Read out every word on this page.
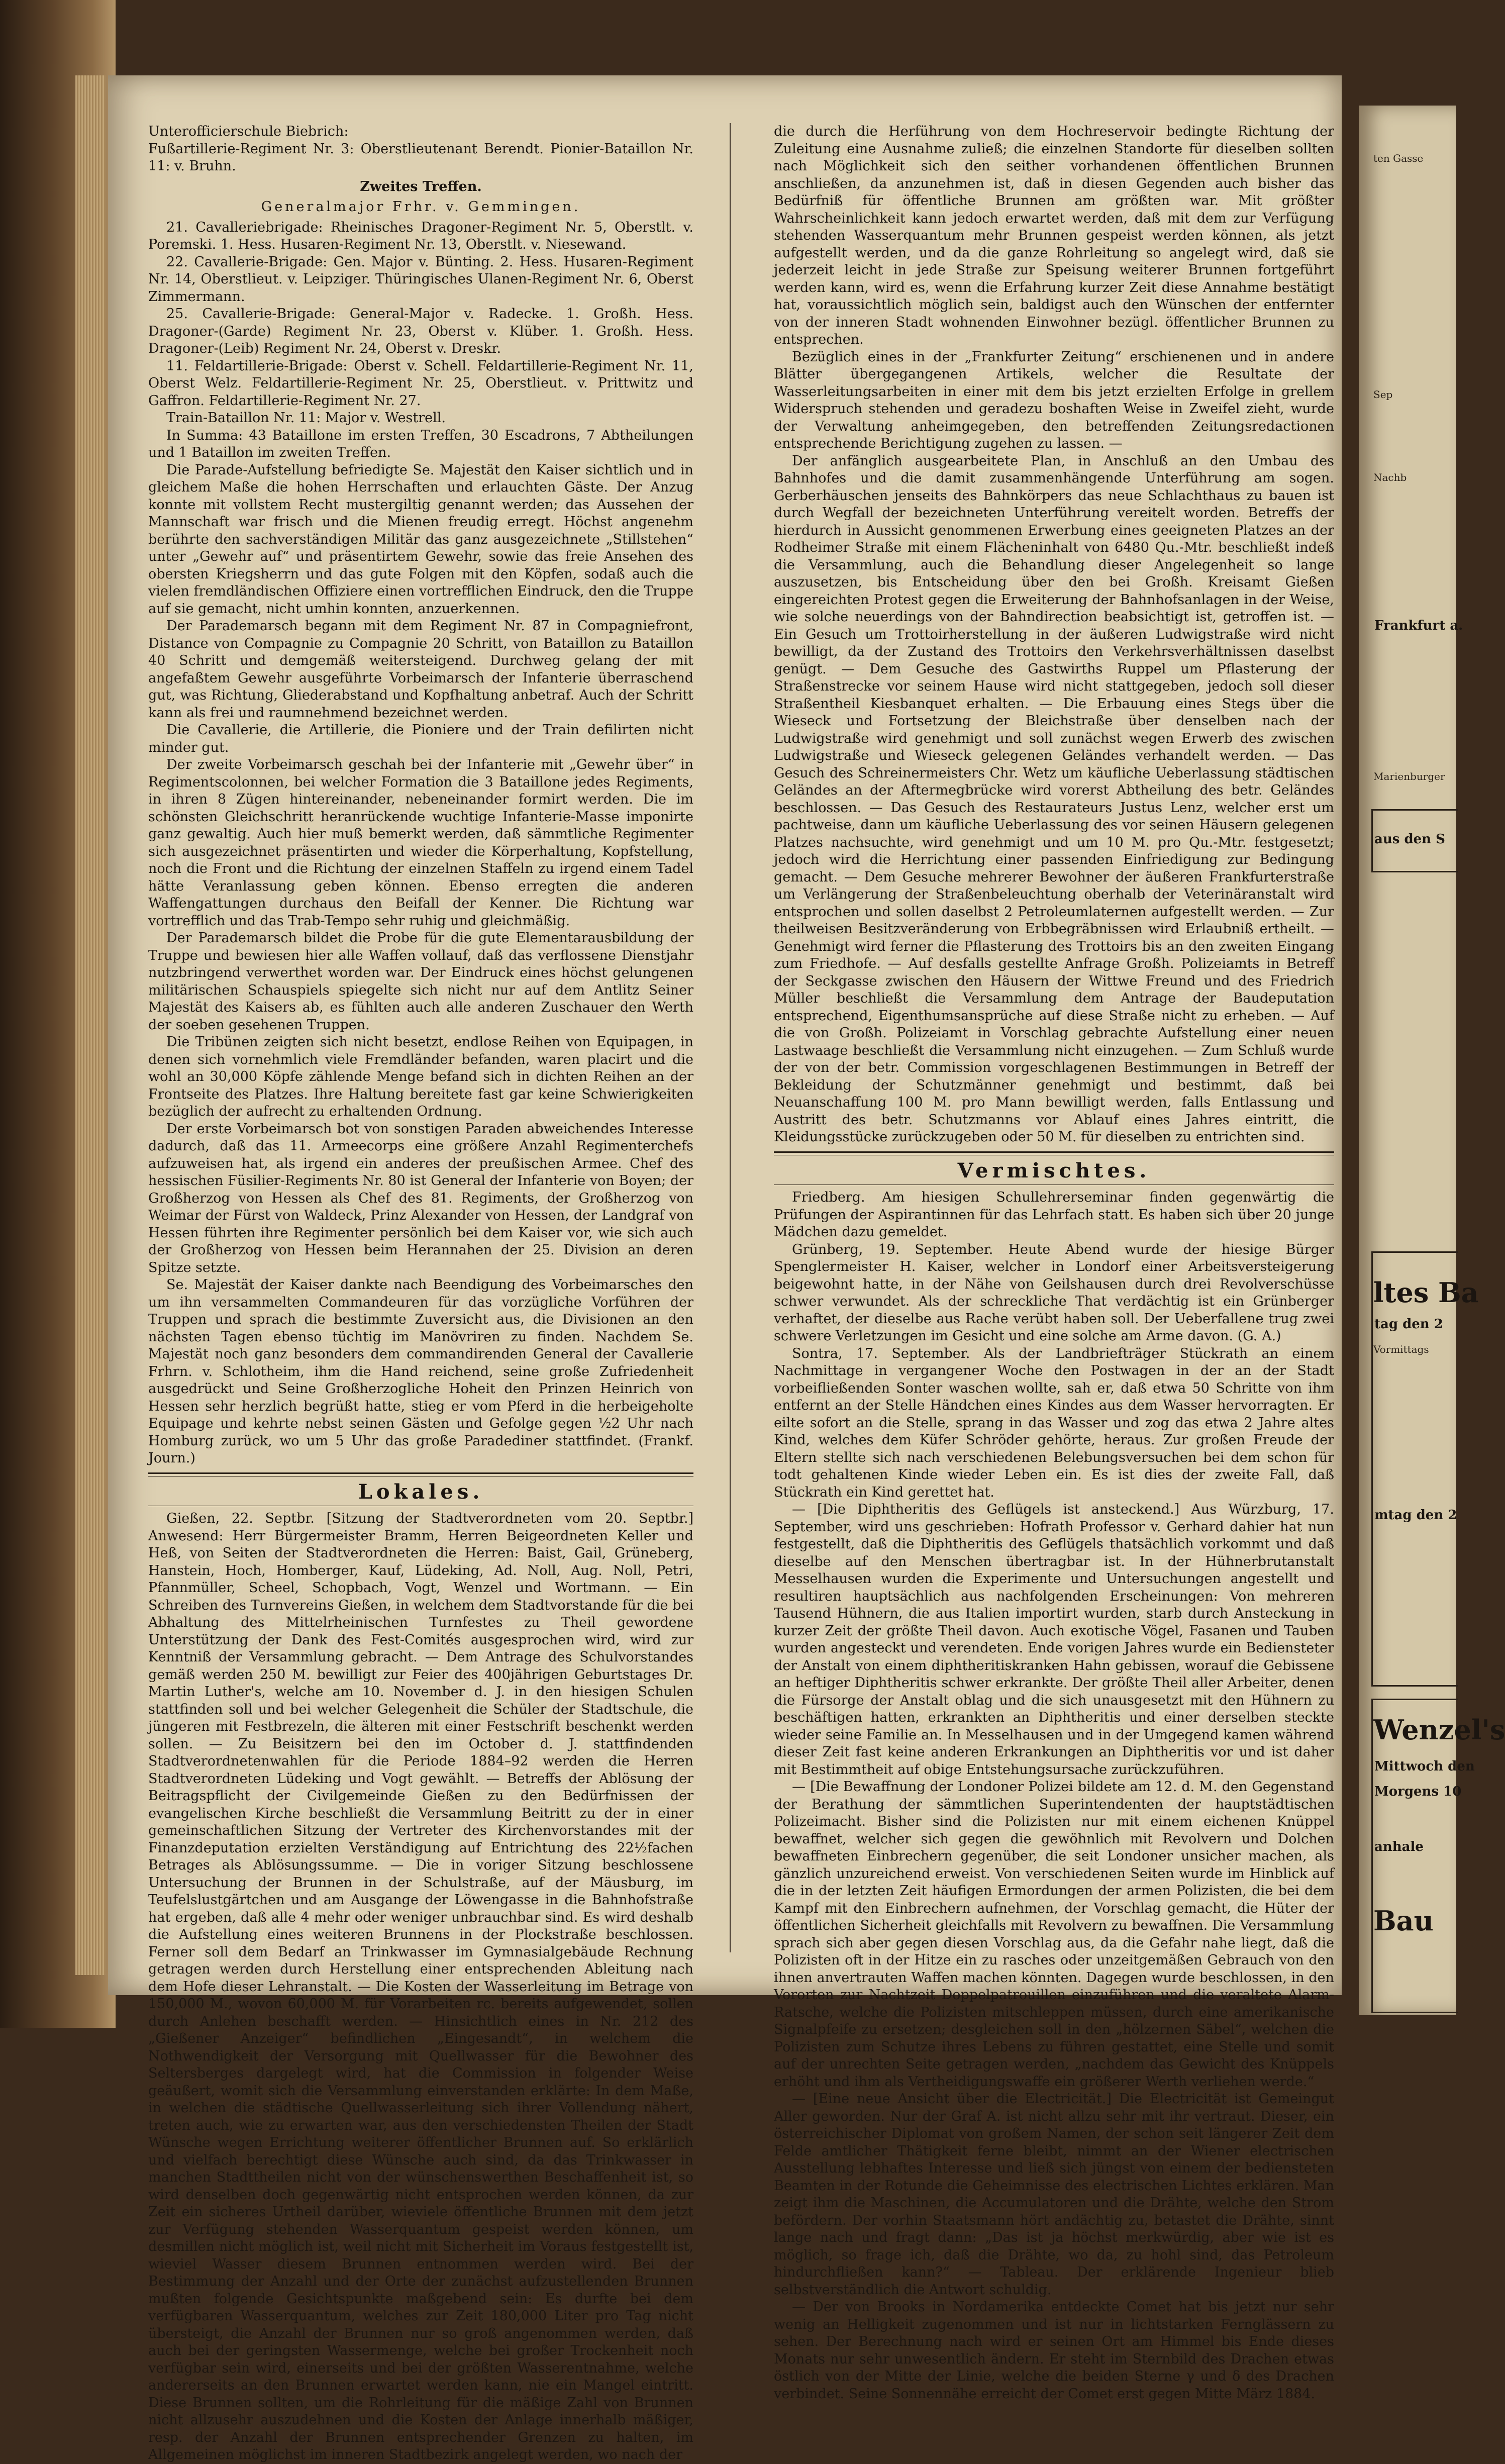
Unterofficierschule Biebrich:

Fußartillerie-Regiment Nr. 3: Oberstlieutenant Berendt. Pionier-Bataillon Nr. 11: v. Bruhn.

Zweites Treffen.
Generalmajor Frhr. v. Gemmingen.

21. Cavalleriebrigade: Rheinisches Dragoner-Regiment Nr. 5, Oberstlt. v. Poremski. 1. Hess. Husaren-Regiment Nr. 13, Oberstlt. v. Niesewand.

22. Cavallerie-Brigade: Gen. Major v. Bünting. 2. Hess. Husaren-Regiment Nr. 14, Oberstlieut. v. Leipziger. Thüringisches Ulanen-Regiment Nr. 6, Oberst Zimmermann.

25. Cavallerie-Brigade: General-Major v. Radecke. 1. Großh. Hess. Dragoner-(Garde) Regiment Nr. 23, Oberst v. Klüber. 1. Großh. Hess. Dragoner-(Leib) Regiment Nr. 24, Oberst v. Dreskr.

11. Feldartillerie-Brigade: Oberst v. Schell. Feldartillerie-Regiment Nr. 11, Oberst Welz. Feldartillerie-Regiment Nr. 25, Oberstlieut. v. Prittwitz und Gaffron. Feldartillerie-Regiment Nr. 27.

Train-Bataillon Nr. 11: Major v. Westrell.

In Summa: 43 Bataillone im ersten Treffen, 30 Escadrons, 7 Abtheilungen und 1 Bataillon im zweiten Treffen.

Die Parade-Aufstellung befriedigte Se. Majestät den Kaiser sichtlich und in gleichem Maße die hohen Herrschaften und erlauchten Gäste. Der Anzug konnte mit vollstem Recht mustergiltig genannt werden; das Aussehen der Mannschaft war frisch und die Mienen freudig erregt. Höchst angenehm berührte den sachverständigen Militär das ganz ausgezeichnete „Stillstehen“ unter „Gewehr auf“ und präsentirtem Gewehr, sowie das freie Ansehen des obersten Kriegsherrn und das gute Folgen mit den Köpfen, sodaß auch die vielen fremdländischen Offiziere einen vortrefflichen Eindruck, den die Truppe auf sie gemacht, nicht umhin konnten, anzuerkennen.

Der Parademarsch begann mit dem Regiment Nr. 87 in Compagniefront, Distance von Compagnie zu Compagnie 20 Schritt, von Bataillon zu Bataillon 40 Schritt und demgemäß weitersteigend. Durchweg gelang der mit angefaßtem Gewehr ausgeführte Vorbeimarsch der Infanterie überraschend gut, was Richtung, Gliederabstand und Kopfhaltung anbetraf. Auch der Schritt kann als frei und raumnehmend bezeichnet werden.

Die Cavallerie, die Artillerie, die Pioniere und der Train defilirten nicht minder gut.

Der zweite Vorbeimarsch geschah bei der Infanterie mit „Gewehr über“ in Regimentscolonnen, bei welcher Formation die 3 Bataillone jedes Regiments, in ihren 8 Zügen hintereinander, nebeneinander formirt werden. Die im schönsten Gleichschritt heranrückende wuchtige Infanterie-Masse imponirte ganz gewaltig. Auch hier muß bemerkt werden, daß sämmtliche Regimenter sich ausgezeichnet präsentirten und wieder die Körperhaltung, Kopfstellung, noch die Front und die Richtung der einzelnen Staffeln zu irgend einem Tadel hätte Veranlassung geben können. Ebenso erregten die anderen Waffengattungen durchaus den Beifall der Kenner. Die Richtung war vortrefflich und das Trab-Tempo sehr ruhig und gleichmäßig.

Der Parademarsch bildet die Probe für die gute Elementarausbildung der Truppe und bewiesen hier alle Waffen vollauf, daß das verflossene Dienstjahr nutzbringend verwerthet worden war. Der Eindruck eines höchst gelungenen militärischen Schauspiels spiegelte sich nicht nur auf dem Antlitz Seiner Majestät des Kaisers ab, es fühlten auch alle anderen Zuschauer den Werth der soeben gesehenen Truppen.

Die Tribünen zeigten sich nicht besetzt, endlose Reihen von Equipagen, in denen sich vornehmlich viele Fremdländer befanden, waren placirt und die wohl an 30,000 Köpfe zählende Menge befand sich in dichten Reihen an der Frontseite des Platzes. Ihre Haltung bereitete fast gar keine Schwierigkeiten bezüglich der aufrecht zu erhaltenden Ordnung.

Der erste Vorbeimarsch bot von sonstigen Paraden abweichendes Interesse dadurch, daß das 11. Armeecorps eine größere Anzahl Regimenterchefs aufzuweisen hat, als irgend ein anderes der preußischen Armee. Chef des hessischen Füsilier-Regiments Nr. 80 ist General der Infanterie von Boyen; der Großherzog von Hessen als Chef des 81. Regiments, der Großherzog von Weimar der Fürst von Waldeck, Prinz Alexander von Hessen, der Landgraf von Hessen führten ihre Regimenter persönlich bei dem Kaiser vor, wie sich auch der Großherzog von Hessen beim Herannahen der 25. Division an deren Spitze setzte.

Se. Majestät der Kaiser dankte nach Beendigung des Vorbeimarsches den um ihn versammelten Commandeuren für das vorzügliche Vorführen der Truppen und sprach die bestimmte Zuversicht aus, die Divisionen an den nächsten Tagen ebenso tüchtig im Manövriren zu finden. Nachdem Se. Majestät noch ganz besonders dem commandirenden General der Cavallerie Frhrn. v. Schlotheim, ihm die Hand reichend, seine große Zufriedenheit ausgedrückt und Seine Großherzogliche Hoheit den Prinzen Heinrich von Hessen sehr herzlich begrüßt hatte, stieg er vom Pferd in die herbeigeholte Equipage und kehrte nebst seinen Gästen und Gefolge gegen ½2 Uhr nach Homburg zurück, wo um 5 Uhr das große Paradediner stattfindet. (Frankf. Journ.)

Lokales.

Gießen, 22. Septbr. [Sitzung der Stadtverordneten vom 20. Septbr.] Anwesend: Herr Bürgermeister Bramm, Herren Beigeordneten Keller und Heß, von Seiten der Stadtverordneten die Herren: Baist, Gail, Grüneberg, Hanstein, Hoch, Homberger, Kauf, Lüdeking, Ad. Noll, Aug. Noll, Petri, Pfannmüller, Scheel, Schopbach, Vogt, Wenzel und Wortmann. — Ein Schreiben des Turnvereins Gießen, in welchem dem Stadtvorstande für die bei Abhaltung des Mittelrheinischen Turnfestes zu Theil gewordene Unterstützung der Dank des Fest-Comités ausgesprochen wird, wird zur Kenntniß der Versammlung gebracht. — Dem Antrage des Schulvorstandes gemäß werden 250 M. bewilligt zur Feier des 400jährigen Geburtstages Dr. Martin Luther's, welche am 10. November d. J. in den hiesigen Schulen stattfinden soll und bei welcher Gelegenheit die Schüler der Stadtschule, die jüngeren mit Festbrezeln, die älteren mit einer Festschrift beschenkt werden sollen. — Zu Beisitzern bei den im October d. J. stattfindenden Stadtverordnetenwahlen für die Periode 1884–92 werden die Herren Stadtverordneten Lüdeking und Vogt gewählt. — Betreffs der Ablösung der Beitragspflicht der Civilgemeinde Gießen zu den Bedürfnissen der evangelischen Kirche beschließt die Versammlung Beitritt zu der in einer gemeinschaftlichen Sitzung der Vertreter des Kirchenvorstandes mit der Finanzdeputation erzielten Verständigung auf Entrichtung des 22½fachen Betrages als Ablösungssumme. — Die in voriger Sitzung beschlossene Untersuchung der Brunnen in der Schulstraße, auf der Mäusburg, im Teufelslustgärtchen und am Ausgange der Löwengasse in die Bahnhofstraße hat ergeben, daß alle 4 mehr oder weniger unbrauchbar sind. Es wird deshalb die Aufstellung eines weiteren Brunnens in der Plockstraße beschlossen. Ferner soll dem Bedarf an Trinkwasser im Gymnasialgebäude Rechnung getragen werden durch Herstellung einer entsprechenden Ableitung nach dem Hofe dieser Lehranstalt. — Die Kosten der Wasserleitung im Betrage von 150,000 M., wovon 60,000 M. für Vorarbeiten rc. bereits aufgewendet, sollen durch Anlehen beschafft werden. — Hinsichtlich eines in Nr. 212 des „Gießener Anzeiger“ befindlichen „Eingesandt“, in welchem die Nothwendigkeit der Versorgung mit Quellwasser für die Bewohner des Seltersberges dargelegt wird, hat die Commission in folgender Weise geäußert, womit sich die Versammlung einverstanden erklärte: In dem Maße, in welchen die städtische Quellwasserleitung sich ihrer Vollendung nähert, treten auch, wie zu erwarten war, aus den verschiedensten Theilen der Stadt Wünsche wegen Errichtung weiterer öffentlicher Brunnen auf. So erklärlich und vielfach berechtigt diese Wünsche auch sind, da das Trinkwasser in manchen Stadttheilen nicht von der wünschenswerthen Beschaffenheit ist, so wird denselben doch gegenwärtig nicht entsprochen werden können, da zur Zeit ein sicheres Urtheil darüber, wieviele öffentliche Brunnen mit dem jetzt zur Verfügung stehenden Wasserquantum gespeist werden können, um desmillen nicht möglich ist, weil nicht mit Sicherheit im Voraus festgestellt ist, wieviel Wasser diesem Brunnen entnommen werden wird. Bei der Bestimmung der Anzahl und der Orte der zunächst aufzustellenden Brunnen mußten folgende Gesichtspunkte maßgebend sein: Es durfte bei dem verfügbaren Wasserquantum, welches zur Zeit 180,000 Liter pro Tag nicht übersteigt, die Anzahl der Brunnen nur so groß angenommen werden, daß auch bei der geringsten Wassermenge, welche bei großer Trockenheit noch verfügbar sein wird, einerseits und bei der größten Wasserentnahme, welche andererseits an den Brunnen erwartet werden kann, nie ein Mangel eintritt. Diese Brunnen sollten, um die Rohrleitung für die mäßige Zahl von Brunnen nicht allzusehr auszudehnen und die Kosten der Anlage innerhalb mäßiger, resp. der Anzahl der Brunnen entsprechender Grenzen zu halten, im Allgemeinen möglichst im inneren Stadtbezirk angelegt werden, wo nach der

die durch die Herführung von dem Hochreservoir bedingte Richtung der Zuleitung eine Ausnahme zuließ; die einzelnen Standorte für dieselben sollten nach Möglichkeit sich den seither vorhandenen öffentlichen Brunnen anschließen, da anzunehmen ist, daß in diesen Gegenden auch bisher das Bedürfniß für öffentliche Brunnen am größten war. Mit größter Wahrscheinlichkeit kann jedoch erwartet werden, daß mit dem zur Verfügung stehenden Wasserquantum mehr Brunnen gespeist werden können, als jetzt aufgestellt werden, und da die ganze Rohrleitung so angelegt wird, daß sie jederzeit leicht in jede Straße zur Speisung weiterer Brunnen fortgeführt werden kann, wird es, wenn die Erfahrung kurzer Zeit diese Annahme bestätigt hat, voraussichtlich möglich sein, baldigst auch den Wünschen der entfernter von der inneren Stadt wohnenden Einwohner bezügl. öffentlicher Brunnen zu entsprechen.

Bezüglich eines in der „Frankfurter Zeitung“ erschienenen und in andere Blätter übergegangenen Artikels, welcher die Resultate der Wasserleitungsarbeiten in einer mit dem bis jetzt erzielten Erfolge in grellem Widerspruch stehenden und geradezu boshaften Weise in Zweifel zieht, wurde der Verwaltung anheimgegeben, den betreffenden Zeitungsredactionen entsprechende Berichtigung zugehen zu lassen. —

Der anfänglich ausgearbeitete Plan, in Anschluß an den Umbau des Bahnhofes und die damit zusammenhängende Unterführung am sogen. Gerberhäuschen jenseits des Bahnkörpers das neue Schlachthaus zu bauen ist durch Wegfall der bezeichneten Unterführung vereitelt worden. Betreffs der hierdurch in Aussicht genommenen Erwerbung eines geeigneten Platzes an der Rodheimer Straße mit einem Flächeninhalt von 6480 Qu.-Mtr. beschließt indeß die Versammlung, auch die Behandlung dieser Angelegenheit so lange auszusetzen, bis Entscheidung über den bei Großh. Kreisamt Gießen eingereichten Protest gegen die Erweiterung der Bahnhofsanlagen in der Weise, wie solche neuerdings von der Bahndirection beabsichtigt ist, getroffen ist. — Ein Gesuch um Trottoirherstellung in der äußeren Ludwigstraße wird nicht bewilligt, da der Zustand des Trottoirs den Verkehrsverhältnissen daselbst genügt. — Dem Gesuche des Gastwirths Ruppel um Pflasterung der Straßenstrecke vor seinem Hause wird nicht stattgegeben, jedoch soll dieser Straßentheil Kiesbanquet erhalten. — Die Erbauung eines Stegs über die Wieseck und Fortsetzung der Bleichstraße über denselben nach der Ludwigstraße wird genehmigt und soll zunächst wegen Erwerb des zwischen Ludwigstraße und Wieseck gelegenen Geländes verhandelt werden. — Das Gesuch des Schreinermeisters Chr. Wetz um käufliche Ueberlassung städtischen Geländes an der Aftermegbrücke wird vorerst Abtheilung des betr. Geländes beschlossen. — Das Gesuch des Restaurateurs Justus Lenz, welcher erst um pachtweise, dann um käufliche Ueberlassung des vor seinen Häusern gelegenen Platzes nachsuchte, wird genehmigt und um 10 M. pro Qu.-Mtr. festgesetzt; jedoch wird die Herrichtung einer passenden Einfriedigung zur Bedingung gemacht. — Dem Gesuche mehrerer Bewohner der äußeren Frankfurterstraße um Verlängerung der Straßenbeleuchtung oberhalb der Veterinäranstalt wird entsprochen und sollen daselbst 2 Petroleumlaternen aufgestellt werden. — Zur theilweisen Besitzveränderung von Erbbegräbnissen wird Erlaubniß ertheilt. — Genehmigt wird ferner die Pflasterung des Trottoirs bis an den zweiten Eingang zum Friedhofe. — Auf desfalls gestellte Anfrage Großh. Polizeiamts in Betreff der Seckgasse zwischen den Häusern der Wittwe Freund und des Friedrich Müller beschließt die Versammlung dem Antrage der Baudeputation entsprechend, Eigenthumsansprüche auf diese Straße nicht zu erheben. — Auf die von Großh. Polizeiamt in Vorschlag gebrachte Aufstellung einer neuen Lastwaage beschließt die Versammlung nicht einzugehen. — Zum Schluß wurde der von der betr. Commission vorgeschlagenen Bestimmungen in Betreff der Bekleidung der Schutzmänner genehmigt und bestimmt, daß bei Neuanschaffung 100 M. pro Mann bewilligt werden, falls Entlassung und Austritt des betr. Schutzmanns vor Ablauf eines Jahres eintritt, die Kleidungsstücke zurückzugeben oder 50 M. für dieselben zu entrichten sind.

Vermischtes.

Friedberg. Am hiesigen Schullehrerseminar finden gegenwärtig die Prüfungen der Aspirantinnen für das Lehrfach statt. Es haben sich über 20 junge Mädchen dazu gemeldet.

Grünberg, 19. September. Heute Abend wurde der hiesige Bürger Spenglermeister H. Kaiser, welcher in Londorf einer Arbeitsversteigerung beigewohnt hatte, in der Nähe von Geilshausen durch drei Revolverschüsse schwer verwundet. Als der schreckliche That verdächtig ist ein Grünberger verhaftet, der dieselbe aus Rache verübt haben soll. Der Ueberfallene trug zwei schwere Verletzungen im Gesicht und eine solche am Arme davon. (G. A.)

Sontra, 17. September. Als der Landbriefträger Stückrath an einem Nachmittage in vergangener Woche den Postwagen in der an der Stadt vorbeifließenden Sonter waschen wollte, sah er, daß etwa 50 Schritte von ihm entfernt an der Stelle Händchen eines Kindes aus dem Wasser hervorragten. Er eilte sofort an die Stelle, sprang in das Wasser und zog das etwa 2 Jahre altes Kind, welches dem Küfer Schröder gehörte, heraus. Zur großen Freude der Eltern stellte sich nach verschiedenen Belebungsversuchen bei dem schon für todt gehaltenen Kinde wieder Leben ein. Es ist dies der zweite Fall, daß Stückrath ein Kind gerettet hat.

— [Die Diphtheritis des Geflügels ist ansteckend.] Aus Würzburg, 17. September, wird uns geschrieben: Hofrath Professor v. Gerhard dahier hat nun festgestellt, daß die Diphtheritis des Geflügels thatsächlich vorkommt und daß dieselbe auf den Menschen übertragbar ist. In der Hühnerbrutanstalt Messelhausen wurden die Experimente und Untersuchungen angestellt und resultiren hauptsächlich aus nachfolgenden Erscheinungen: Von mehreren Tausend Hühnern, die aus Italien importirt wurden, starb durch Ansteckung in kurzer Zeit der größte Theil davon. Auch exotische Vögel, Fasanen und Tauben wurden angesteckt und verendeten. Ende vorigen Jahres wurde ein Bediensteter der Anstalt von einem diphtheritiskranken Hahn gebissen, worauf die Gebissene an heftiger Diphtheritis schwer erkrankte. Der größte Theil aller Arbeiter, denen die Fürsorge der Anstalt oblag und die sich unausgesetzt mit den Hühnern zu beschäftigen hatten, erkrankten an Diphtheritis und einer derselben steckte wieder seine Familie an. In Messelhausen und in der Umgegend kamen während dieser Zeit fast keine anderen Erkrankungen an Diphtheritis vor und ist daher mit Bestimmtheit auf obige Entstehungsursache zurückzuführen.

— [Die Bewaffnung der Londoner Polizei bildete am 12. d. M. den Gegenstand der Berathung der sämmtlichen Superintendenten der hauptstädtischen Polizeimacht. Bisher sind die Polizisten nur mit einem eichenen Knüppel bewaffnet, welcher sich gegen die gewöhnlich mit Revolvern und Dolchen bewaffneten Einbrechern gegenüber, die seit Londoner unsicher machen, als gänzlich unzureichend erweist. Von verschiedenen Seiten wurde im Hinblick auf die in der letzten Zeit häufigen Ermordungen der armen Polizisten, die bei dem Kampf mit den Einbrechern aufnehmen, der Vorschlag gemacht, die Hüter der öffentlichen Sicherheit gleichfalls mit Revolvern zu bewaffnen. Die Versammlung sprach sich aber gegen diesen Vorschlag aus, da die Gefahr nahe liegt, daß die Polizisten oft in der Hitze ein zu rasches oder unzeitgemäßen Gebrauch von den ihnen anvertrauten Waffen machen könnten. Dagegen wurde beschlossen, in den Vororten zur Nachtzeit Doppelpatrouillen einzuführen und die veraltete Alarm-Ratsche, welche die Polizisten mitschleppen müssen, durch eine amerikanische Signalpfeife zu ersetzen; desgleichen soll in den „hölzernen Säbel“, welchen die Polizisten zum Schutze ihres Lebens zu führen gestattet, eine Stelle und somit auf der unrechten Seite getragen werden, „nachdem das Gewicht des Knüppels erhöht und ihm als Vertheidigungswaffe ein größerer Werth verliehen werde.“

— [Eine neue Ansicht über die Electricität.] Die Electricität ist Gemeingut Aller geworden. Nur der Graf A. ist nicht allzu sehr mit ihr vertraut. Dieser, ein österreichischer Diplomat von großem Namen, der schon seit längerer Zeit dem Felde amtlicher Thätigkeit ferne bleibt, nimmt an der Wiener electrischen Ausstellung lebhaftes Interesse und ließ sich jüngst von einem der bediensteten Beamten in der Rotunde die Geheimnisse des electrischen Lichtes erklären. Man zeigt ihm die Maschinen, die Accumulatoren und die Drähte, welche den Strom befördern. Der vorhin Staatsmann hört andächtig zu, betastet die Drähte, sinnt lange nach und fragt dann: „Das ist ja höchst merkwürdig, aber wie ist es möglich, so frage ich, daß die Drähte, wo da, zu hohl sind, das Petroleum hindurchfließen kann?“ — Tableau. Der erklärende Ingenieur blieb selbstverständlich die Antwort schuldig.

— Der von Brooks in Nordamerika entdeckte Comet hat bis jetzt nur sehr wenig an Helligkeit zugenommen und ist nur in lichtstarken Fernglässern zu sehen. Der Berechnung nach wird er seinen Ort am Himmel bis Ende dieses Monats nur sehr unwesentlich ändern. Er steht im Sternbild des Drachen etwas östlich von der Mitte der Linie, welche die beiden Sterne γ und δ des Drachen verbindet. Seine Sonnennähe erreicht der Comet erst gegen Mitte März 1884.

ten Gasse
Sep
Nachb
Frankfurt a.
Marienburger
aus den S
ltes Ba
tag den 2
Vormittags
mtag den 2
Wenzel's
Mittwoch den
Morgens 10
anhale
Bau
